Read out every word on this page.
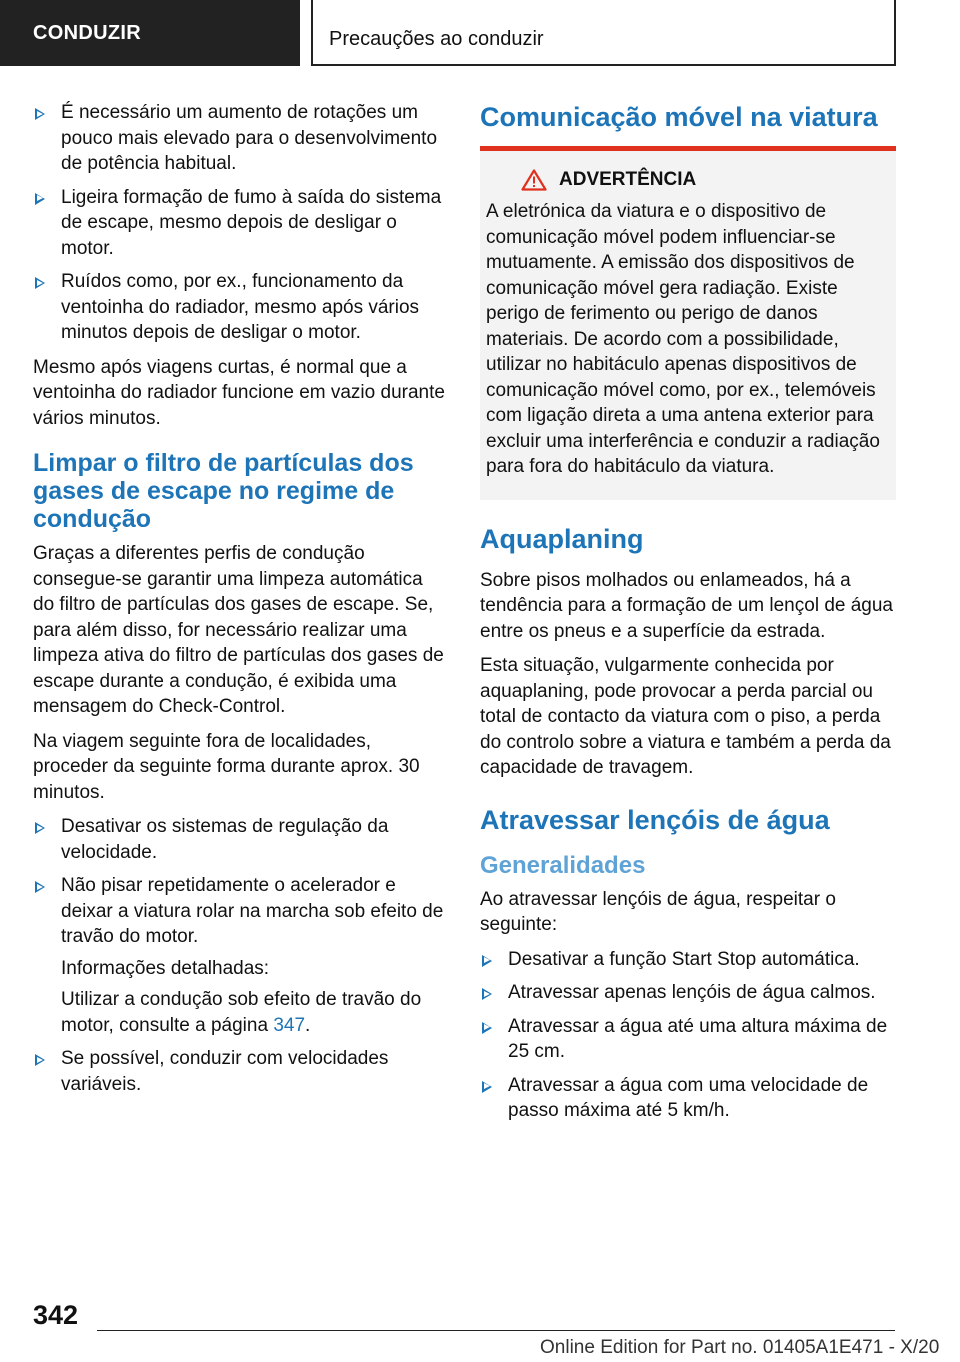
CONDUZIR	Precauções ao conduzir
É necessário um aumento de rotações um pouco mais elevado para o desenvolvimento de potência habitual.
Ligeira formação de fumo à saída do sistema de escape, mesmo depois de desligar o motor.
Ruídos como, por ex., funcionamento da ventoinha do radiador, mesmo após vários minutos depois de desligar o motor.

Mesmo após viagens curtas, é normal que a ventoinha do radiador funcione em vazio durante vários minutos.

Limpar o filtro de partículas dos gases de escape no regime de condução

Graças a diferentes perfis de condução consegue-se garantir uma limpeza automática do filtro de partículas dos gases de escape. Se, para além disso, for necessário realizar uma limpeza ativa do filtro de partículas dos gases de escape durante a condução, é exibida uma mensagem do Check-Control.

Na viagem seguinte fora de localidades, proceder da seguinte forma durante aprox. 30 minutos.

Desativar os sistemas de regulação da velocidade.
Não pisar repetidamente o acelerador e deixar a viatura rolar na marcha sob efeito de travão do motor.

Informações detalhadas:

Utilizar a condução sob efeito de travão do motor, consulte a página 347.

Se possível, conduzir com velocidades variáveis.
Comunicação móvel na viatura
ADVERTÊNCIA

A eletrónica da viatura e o dispositivo de comunicação móvel podem influenciar-se mutuamente. A emissão dos dispositivos de comunicação móvel gera radiação. Existe perigo de ferimento ou perigo de danos materiais. De acordo com a possibilidade, utilizar no habitáculo apenas dispositivos de comunicação móvel como, por ex., telemóveis com ligação direta a uma antena exterior para excluir uma interferência e conduzir a radiação para fora do habitáculo da viatura.

Aquaplaning

Sobre pisos molhados ou enlameados, há a tendência para a formação de um lençol de água entre os pneus e a superfície da estrada.

Esta situação, vulgarmente conhecida por aquaplaning, pode provocar a perda parcial ou total de contacto da viatura com o piso, a perda do controlo sobre a viatura e também a perda da capacidade de travagem.

Atravessar lençóis de água
Generalidades

Ao atravessar lençóis de água, respeitar o seguinte:

Desativar a função Start Stop automática.
Atravessar apenas lençóis de água calmos.
Atravessar a água até uma altura máxima de 25 cm.
Atravessar a água com uma velocidade de passo máxima até 5 km/h.
342
Online Edition for Part no. 01405A1E471 - X/20
